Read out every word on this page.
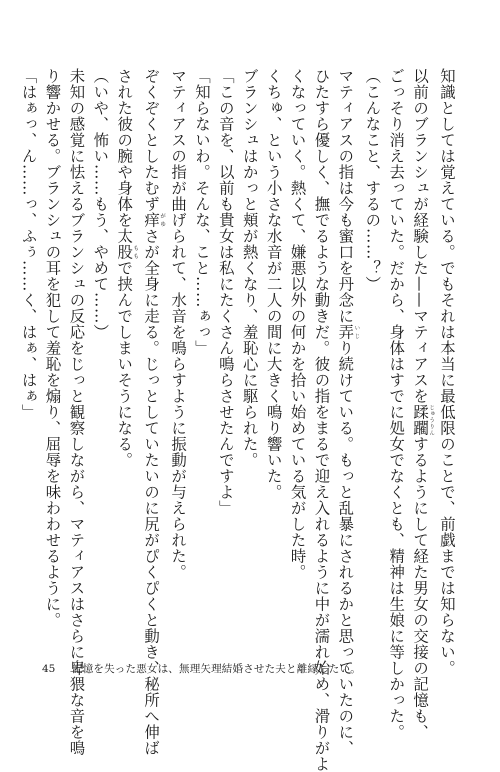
知識としては覚えている。でもそれは本当に最低限のことで、前戯までは知らない。

以前のブランシュが経験した——マティアスを蹂躙 じゅうりんするようにして経た男女の交接の記憶も、

ごっそり消え去っていた。だから、身体はすでに処女でなくとも、精神は生娘に等しかった。

（こんなこと、するの……？）

マティアスの指は今も蜜口を丹念に弄 いじり続けている。もっと乱暴にされるかと思っていたのに、

ひたすら優しく、撫でるような動きだ。彼の指をまるで迎え入れるように中が濡れ始め、滑りがよ

くなっていく。熱くて、嫌悪以外の何かを拾い始めている気がした時。

くちゅ、という小さな水音が二人の間に大きく鳴り響いた。

ブランシュはかっと頬が熱くなり、羞恥心に駆られた。

「この音を、以前も貴女は私にたくさん鳴らさせたんですよ」

「知らないわ。そんな、こと……ぁっ」

マティアスの指が曲げられて、水音を鳴らすように振動が与えられた。

ぞくぞくとしたむず痒 がゆさが全身に走る。じっとしていたいのに尻がぴくぴくと動き、秘所へ伸ば

された彼の腕や身体を太股 ももで挟んでしまいそうになる。

（いや、怖い……もう、やめて……）

未知の感覚に怯えるブランシュの反応をじっと観察しながら、マティアスはさらに卑猥な音を鳴

り響かせる。ブランシュの耳を犯して羞恥を煽り、屈辱を味わわせるように。

「はぁっ、ん……っ、ふぅ……く、はぁ、はぁ」

45 記憶を失った悪女は、無理矢理結婚させた夫と離縁したい。
